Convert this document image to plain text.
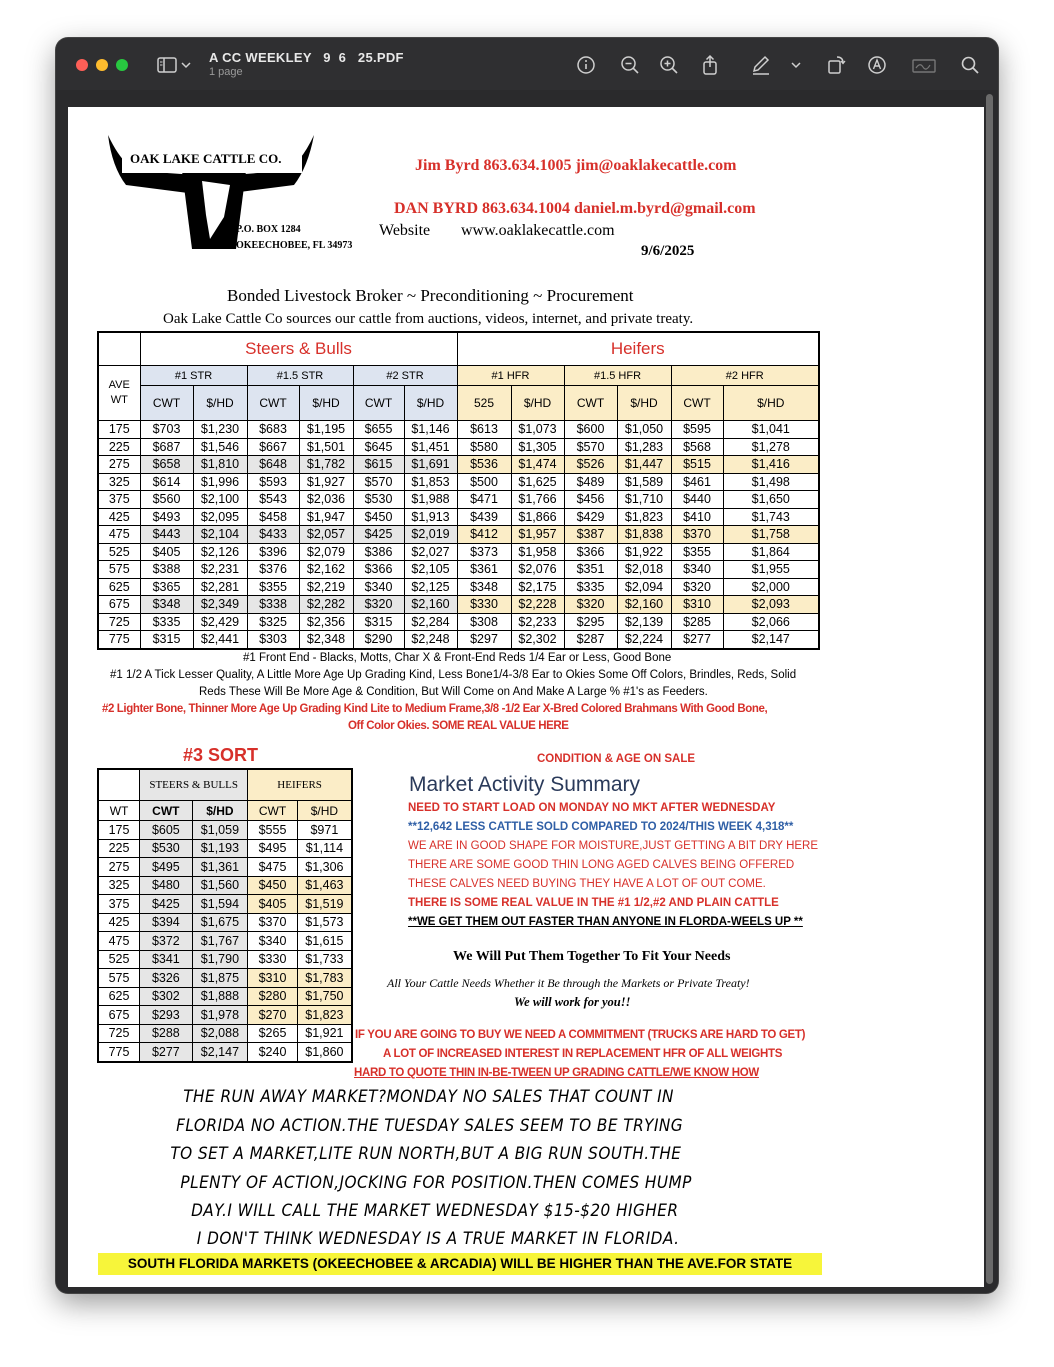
A CC WEEKLEY   9  6   25.PDF
1 page
OAK LAKE CATTLE CO.
P.O. BOX 1284
OKEECHOBEE, FL 34973
Jim Byrd 863.634.1005 jim@oaklakecattle.com
DAN BYRD 863.634.1004 daniel.m.byrd@gmail.com
Website www.oaklakecattle.com
9/6/2025
Bonded Livestock Broker ~ Preconditioning ~ Procurement
Oak Lake Cattle Co sources our cattle from auctions, videos, internet, and private treaty.
	Steers & Bulls						Heifers					

AVE
WT	#1 STR		#1.5 STR		#2 STR		#1 HFR		#1.5 HFR		#2 HFR	
	CWT	$/HD	CWT	$/HD	CWT	$/HD	525	$/HD	CWT	$/HD	CWT	$/HD
175	$703	$1,230	$683	$1,195	$655	$1,146	$613	$1,073	$600	$1,050	$595	$1,041
225	$687	$1,546	$667	$1,501	$645	$1,451	$580	$1,305	$570	$1,283	$568	$1,278
275	$658	$1,810	$648	$1,782	$615	$1,691	$536	$1,474	$526	$1,447	$515	$1,416
325	$614	$1,996	$593	$1,927	$570	$1,853	$500	$1,625	$489	$1,589	$461	$1,498
375	$560	$2,100	$543	$2,036	$530	$1,988	$471	$1,766	$456	$1,710	$440	$1,650
425	$493	$2,095	$458	$1,947	$450	$1,913	$439	$1,866	$429	$1,823	$410	$1,743
475	$443	$2,104	$433	$2,057	$425	$2,019	$412	$1,957	$387	$1,838	$370	$1,758
525	$405	$2,126	$396	$2,079	$386	$2,027	$373	$1,958	$366	$1,922	$355	$1,864
575	$388	$2,231	$376	$2,162	$366	$2,105	$361	$2,076	$351	$2,018	$340	$1,955
625	$365	$2,281	$355	$2,219	$340	$2,125	$348	$2,175	$335	$2,094	$320	$2,000
675	$348	$2,349	$338	$2,282	$320	$2,160	$330	$2,228	$320	$2,160	$310	$2,093
725	$335	$2,429	$325	$2,356	$315	$2,284	$308	$2,233	$295	$2,139	$285	$2,066
775	$315	$2,441	$303	$2,348	$290	$2,248	$297	$2,302	$287	$2,224	$277	$2,147
#1 Front End - Blacks, Motts, Char X & Front-End Reds 1/4 Ear or Less, Good Bone
#1 1/2 A Tick Lesser Quality, A Little More Age Up Grading Kind, Less Bone1/4-3/8 Ear to Okies Some Off Colors, Brindles, Reds, Solid
Reds These Will Be More Age & Condition, But Will Come on And Make A Large % #1's as Feeders.
#2 Lighter Bone, Thinner More Age Up Grading Kind Lite to Medium Frame,3/8 -1/2 Ear X-Bred Colored Brahmans With Good Bone,
Off Color Okies. SOME REAL VALUE HERE
#3 SORT
	STEERS & BULLS		HEIFERS	
WT	CWT	$/HD	CWT	$/HD
175	$605	$1,059	$555	$971
225	$530	$1,193	$495	$1,114
275	$495	$1,361	$475	$1,306
325	$480	$1,560	$450	$1,463
375	$425	$1,594	$405	$1,519
425	$394	$1,675	$370	$1,573
475	$372	$1,767	$340	$1,615
525	$341	$1,790	$330	$1,733
575	$326	$1,875	$310	$1,783
625	$302	$1,888	$280	$1,750
675	$293	$1,978	$270	$1,823
725	$288	$2,088	$265	$1,921
775	$277	$2,147	$240	$1,860
CONDITION & AGE ON SALE
Market Activity Summary
NEED TO START LOAD ON MONDAY NO MKT AFTER WEDNESDAY
**12,642 LESS CATTLE SOLD COMPARED TO 2024/THIS WEEK 4,318**
WE ARE IN GOOD SHAPE FOR MOISTURE,JUST GETTING A BIT DRY HERE
THERE ARE SOME GOOD THIN LONG AGED CALVES BEING OFFERED
THESE CALVES NEED BUYING THEY HAVE A LOT OF OUT COME.
THERE IS SOME REAL VALUE IN THE #1 1/2,#2 AND PLAIN CATTLE
**WE GET THEM OUT FASTER THAN ANYONE IN FLORDA-WEELS UP **
We Will Put Them Together To Fit Your Needs
All Your Cattle Needs Whether it Be through the Markets or Private Treaty!
We will work for you!!
IF YOU ARE GOING TO BUY WE NEED A COMMITMENT (TRUCKS ARE HARD TO GET)
A LOT OF INCREASED INTEREST IN REPLACEMENT HFR OF ALL WEIGHTS
HARD TO QUOTE THIN IN-BE-TWEEN UP GRADING CATTLE/WE KNOW HOW
THE RUN AWAY MARKET?MONDAY NO SALES THAT COUNT IN
FLORIDA NO ACTION.THE TUESDAY SALES SEEM TO BE TRYING
TO SET A MARKET,LITE RUN NORTH,BUT A BIG RUN SOUTH.THE
PLENTY OF ACTION,JOCKING FOR POSITION.THEN COMES HUMP
DAY.I WILL CALL THE MARKET WEDNESDAY $15-$20 HIGHER
I DON'T THINK WEDNESDAY IS A TRUE MARKET IN FLORIDA.
SOUTH FLORIDA MARKETS (OKEECHOBEE & ARCADIA) WILL BE HIGHER THAN THE AVE.FOR STATE
